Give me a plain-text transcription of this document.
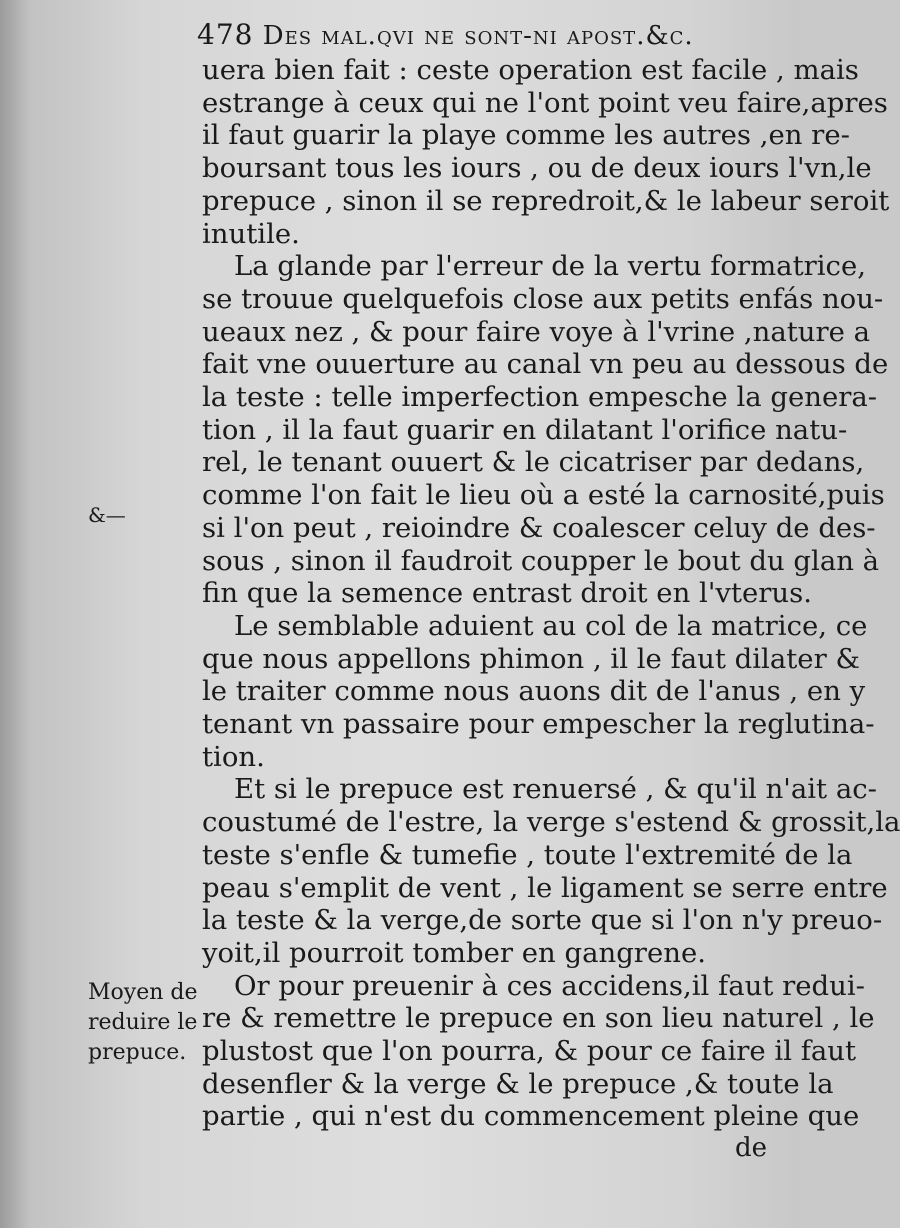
478 Des mal.qvi ne sont-ni apost.&c.
uera bien fait : ceste operation est facile , mais
estrange à ceux qui ne l'ont point veu faire,apres
il faut guarir la playe comme les autres ,en re-
boursant tous les iours , ou de deux iours l'vn,le
prepuce , sinon il se repredroit,& le labeur seroit
inutile.
La glande par l'erreur de la vertu formatrice,
se trouue quelquefois close aux petits enfás nou-
ueaux nez , & pour faire voye à l'vrine ,nature a
fait vne ouuerture au canal vn peu au dessous de
la teste : telle imperfection empesche la genera-
tion , il la faut guarir en dilatant l'orifice natu-
rel, le tenant ouuert & le cicatriser par dedans,
comme l'on fait le lieu où a esté la carnosité,puis
si l'on peut , reioindre & coalescer celuy de des-
sous , sinon il faudroit coupper le bout du glan à
fin que la semence entrast droit en l'vterus.
Le semblable aduient au col de la matrice, ce
que nous appellons phimon , il le faut dilater &
le traiter comme nous auons dit de l'anus , en y
tenant vn passaire pour empescher la reglutina-
tion.
Et si le prepuce est renuersé , & qu'il n'ait ac-
coustumé de l'estre, la verge s'estend & grossit,la
teste s'enfle & tumefie , toute l'extremité de la
peau s'emplit de vent , le ligament se serre entre
la teste & la verge,de sorte que si l'on n'y preuo-
yoit,il pourroit tomber en gangrene.
Or pour preuenir à ces accidens,il faut redui-
re & remettre le prepuce en son lieu naturel , le
plustost que l'on pourra, & pour ce faire il faut
desenfler & la verge & le prepuce ,& toute la
partie , qui n'est du commencement pleine que
&—
Moyen de
reduire le
prepuce.
de
